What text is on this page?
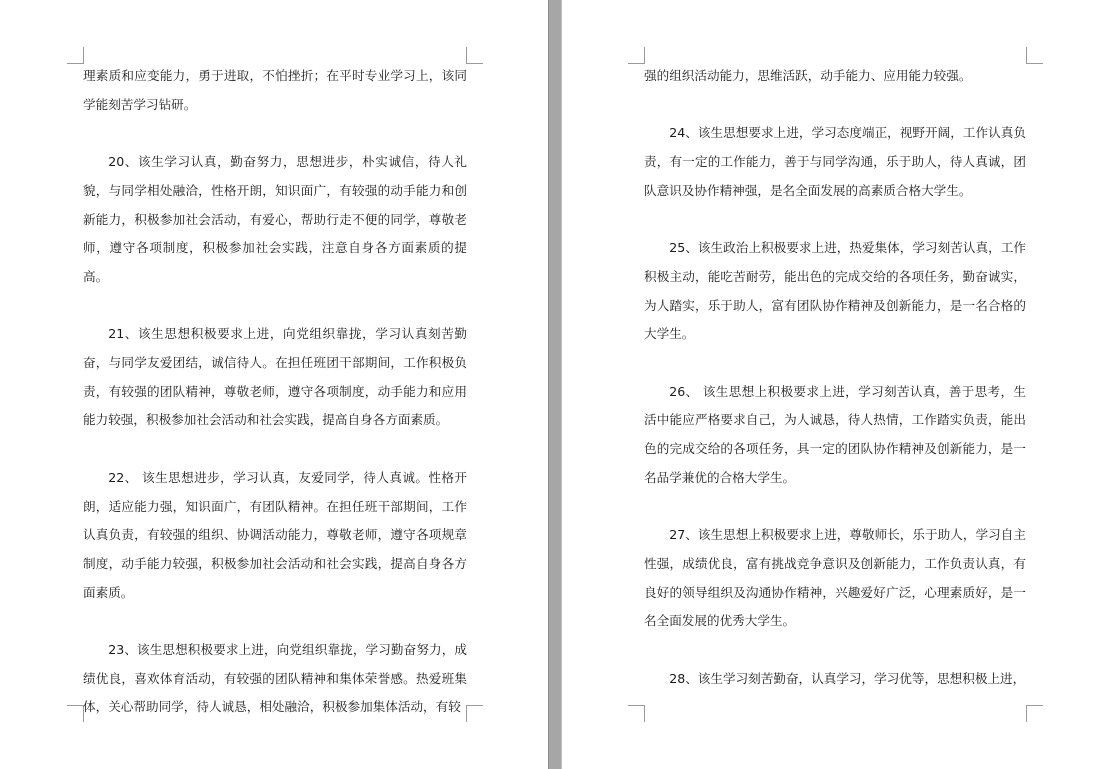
理素质和应变能力，勇于进取，不怕挫折；在平时专业学习上，该同学能刻苦学习钻研。

20、该生学习认真，勤奋努力，思想进步，朴实诚信，待人礼貌，与同学相处融洽，性格开朗，知识面广，有较强的动手能力和创新能力，积极参加社会活动，有爱心，帮助行走不便的同学，尊敬老师，遵守各项制度，积极参加社会实践，注意自身各方面素质的提高。

21、该生思想积极要求上进，向党组织靠拢，学习认真刻苦勤奋，与同学友爱团结，诚信待人。在担任班团干部期间，工作积极负责，有较强的团队精神，尊敬老师，遵守各项制度，动手能力和应用能力较强，积极参加社会活动和社会实践，提高自身各方面素质。

22、 该生思想进步，学习认真，友爱同学，待人真诚。性格开朗，适应能力强，知识面广，有团队精神。在担任班干部期间，工作认真负责，有较强的组织、协调活动能力，尊敬老师，遵守各项规章制度，动手能力较强，积极参加社会活动和社会实践，提高自身各方面素质。

23、该生思想积极要求上进，向党组织靠拢，学习勤奋努力，成绩优良，喜欢体育活动，有较强的团队精神和集体荣誉感。热爱班集体，关心帮助同学，待人诚恳，相处融洽，积极参加集体活动，有较

强的组织活动能力，思维活跃，动手能力、应用能力较强。

24、该生思想要求上进，学习态度端正，视野开阔，工作认真负责，有一定的工作能力，善于与同学沟通，乐于助人，待人真诚，团队意识及协作精神强，是名全面发展的高素质合格大学生。

25、该生政治上积极要求上进，热爱集体，学习刻苦认真，工作积极主动，能吃苦耐劳，能出色的完成交给的各项任务，勤奋诚实，为人踏实，乐于助人，富有团队协作精神及创新能力，是一名合格的大学生。

26、 该生思想上积极要求上进，学习刻苦认真，善于思考，生活中能应严格要求自己，为人诚恳，待人热情，工作踏实负责，能出色的完成交给的各项任务，具一定的团队协作精神及创新能力，是一名品学兼优的合格大学生。

27、该生思想上积极要求上进，尊敬师长，乐于助人，学习自主性强，成绩优良，富有挑战竞争意识及创新能力，工作负责认真，有良好的领导组织及沟通协作精神，兴趣爱好广泛，心理素质好，是一名全面发展的优秀大学生。

28、该生学习刻苦勤奋，认真学习，学习优等，思想积极上进，
